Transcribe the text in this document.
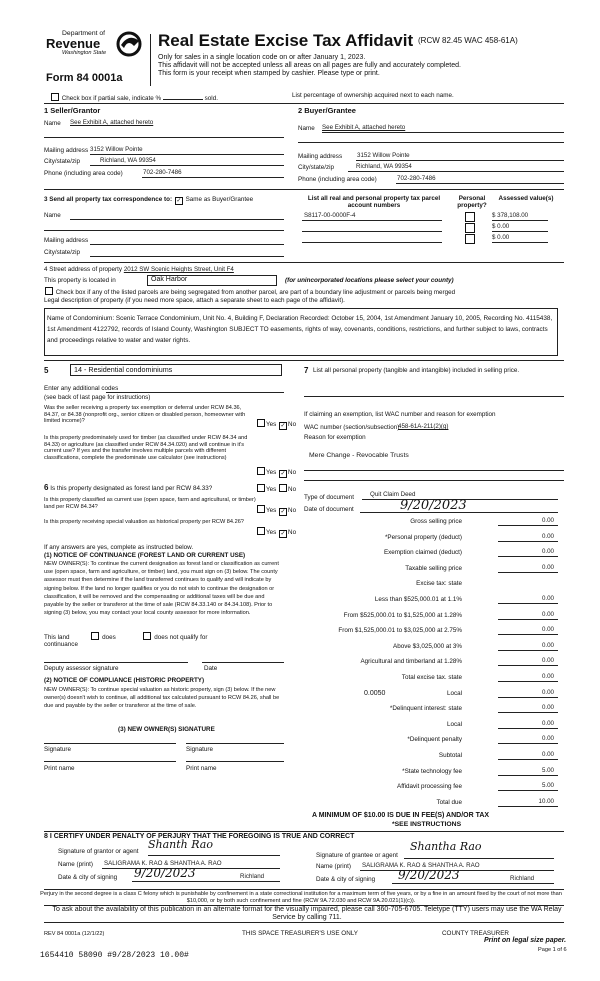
Department of
Revenue
Washington State
Form 84 0001a
Real Estate Excise Tax Affidavit (RCW 82.45 WAC 458-61A)
Only for sales in a single location code on or after January 1, 2023.
This affidavit will not be accepted unless all areas on all pages are fully and accurately completed.
This form is your receipt when stamped by cashier. Please type or print.
Check box if partial sale, indicate %	sold.	List percentage of ownership acquired next to each name.
1 Seller/Grantor
Name See Exhibit A, attached hereto
Mailing address 3152 Willow Pointe
City/state/zip	Richland, WA 99354
Phone (including area code)	702-280-7486
2 Buyer/Grantee
Name See Exhibit A, attached hereto
Mailing address 3152 Willow Pointe
City/state/zip	Richland, WA 99354
Phone (including area code)	702-280-7486
3 Send all property tax correspondence to: ✓ Same as Buyer/Grantee
Name
Mailing address
City/state/zip
List all real and personal property tax parcel account numbers
Personal property?
Assessed value(s)
S8117-00-0000F-4	$ 378,108.00
$ 0.00
$ 0.00
4 Street address of property 2012 SW Scenic Heights Street, Unit F4
This property is located in	Oak Harbor	(for unincorporated locations please select your county)
Check box if any of the listed parcels are being segregated from another parcel, are part of a boundary line adjustment or parcels being merged
Legal description of property (if you need more space, attach a separate sheet to each page of the affidavit).
Name of Condominium: Scenic Terrace Condominium, Unit No. 4, Building F, Declaration Recorded: October 15, 2004, 1st Amendment January 10, 2005, Recording No. 4115438, 1st Amendment 4122792, records of Island County, Washington SUBJECT TO easements, rights of way, covenants, conditions, restrictions, and further subject to laws, contracts and proceedings relative to water and water rights.
5	14 - Residential condominiums
Enter any additional codes
(see back of last page for instructions)
Was the seller receiving a property tax exemption or deferral under RCW 84.36, 84.37, or 84.38 (nonprofit org., senior citizen or disabled person, homeowner with limited income)?	Yes ✓ No
Is this property predominately used for timber (as classified under RCW 84.34 and 84.33) or agriculture (as classified under RCW 84.34.020) and will continue in it's current use? If yes and the transfer involves multiple parcels with different classifications, complete the predominate use calculator (see instructions)
Yes ✓ No
7 List all personal property (tangible and intangible) included in selling price.
If claiming an exemption, list WAC number and reason for exemption
WAC number (section/subsection)
458-61A-211(2)(g)
Reason for exemption
Mere Change - Revocable Trusts
6 Is this property designated as forest land per RCW 84.33?	Yes No
Is this property classified as current use (open space, farm and agricultural, or timber) land per RCW 84.34?
Yes ✓ No
Is this property receiving special valuation as historical property per RCW 84.26?
Yes ✓ No
If any answers are yes, complete as instructed below.
(1) NOTICE OF CONTINUANCE (FOREST LAND OR CURRENT USE)
NEW OWNER(S): To continue the current designation as forest land or classification as current use (open space, farm and agriculture, or timber) land, you must sign on (3) below. The county assessor must then determine if the land transferred continues to qualify and will indicate by signing below. If the land no longer qualifies or you do not wish to continue the designation or classification, it will be removed and the compensating or additional taxes will be due and payable by the seller or transferor at the time of sale (RCW 84.33.140 or 84.34.108). Prior to signing (3) below, you may contact your local county assessor for more information.
This land	does	does not qualify for
continuance
Deputy assessor signature	Date
(2) NOTICE OF COMPLIANCE (HISTORIC PROPERTY)
NEW OWNER(S): To continue special valuation as historic property, sign (3) below. If the new owner(s) doesn't wish to continue, all additional tax calculated pursuant to RCW 84.26, shall be due and payable by the seller or transferor at the time of sale.
(3) NEW OWNER(S) SIGNATURE
Signature	Signature
Print name	Print name
Type of document	Quit Claim Deed
Date of document	9/20/2023
Gross selling price	0.00
*Personal property (deduct)	0.00
Exemption claimed (deduct)	0.00
Taxable selling price	0.00
Excise tax: state
Less than $525,000.01 at 1.1%	0.00
From $525,000.01 to $1,525,000 at 1.28%	0.00
From $1,525,000.01 to $3,025,000 at 2.75%	0.00
Above $3,025,000 at 3%	0.00
Agricultural and timberland at 1.28%	0.00
Total excise tax. state	0.00
Local
0.0050	0.00
*Delinquent interest: state	0.00
Local	0.00
*Delinquent penalty	0.00
Subtotal	0.00
*State technology fee	5.00
Affidavit processing fee	5.00
Total due	10.00
A MINIMUM OF $10.00 IS DUE IN FEE(S) AND/OR TAX
*SEE INSTRUCTIONS
8 I CERTIFY UNDER PENALTY OF PERJURY THAT THE FOREGOING IS TRUE AND CORRECT
Signature of grantor or agent
Shanth Rao
Name (print) SALIGRAMA K. RAO & SHANTHA A. RAO
Date & city of signing 9/20/2023	Richland
Signature of grantee or agent
Shantha Rao
Name (print) SALIGRAMA K. RAO & SHANTHA A. RAO
Date & city of signing 9/20/2023	Richland
Perjury in the second degree is a class C felony which is punishable by confinement in a state correctional institution for a maximum term of five years, or by a fine in an amount fixed by the court of not more than $10,000, or by both such confinement and fine (RCW 9A.72.030 and RCW 9A.20.021(1)(c)).
To ask about the availability of this publication in an alternate format for the visually impaired, please call 360-705-6705. Teletype (TTY) users may use the WA Relay Service by calling 711.
REV 84 0001a (12/1/22)	THIS SPACE TREASURER'S USE ONLY	COUNTY TREASURER
1654410 58090 #9/28/2023 10.00#
Print on legal size paper.
Page 1 of 6
